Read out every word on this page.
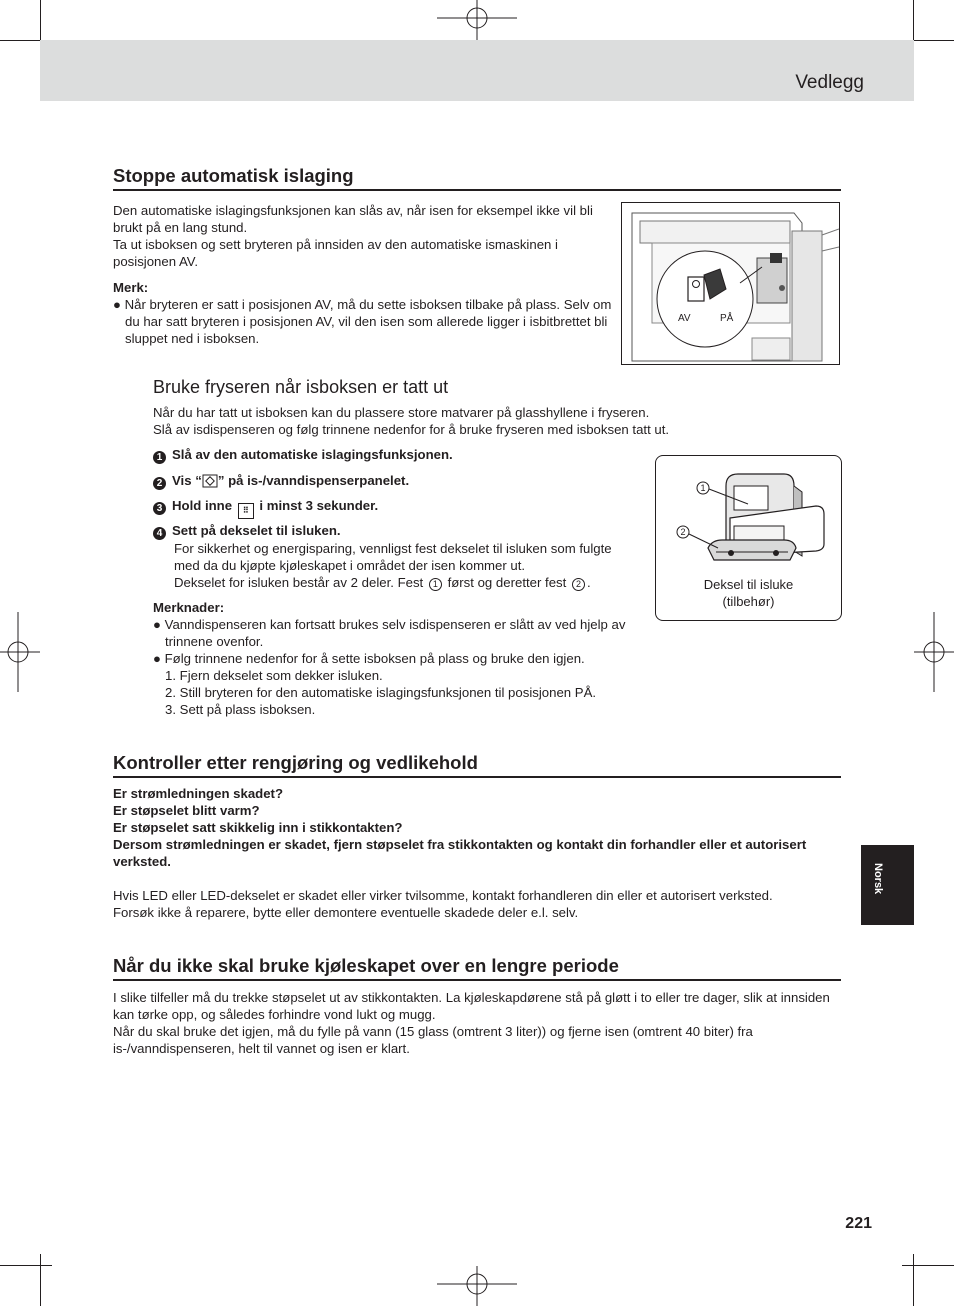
Vedlegg
Stoppe automatisk islaging
Den automatiske islagingsfunksjonen kan slås av, når isen for eksempel ikke vil bli brukt på en lang stund.
Ta ut isboksen og sett bryteren på innsiden av den automatiske ismaskinen i posisjonen AV.
Merk:
● Når bryteren er satt i posisjonen AV, må du sette isboksen tilbake på plass. Selv om du har satt bryteren i posisjonen AV, vil den isen som allerede ligger i isbitbrettet bli sluppet ned i isboksen.
AV	PÅ
Bruke fryseren når isboksen er tatt ut
Når du har tatt ut isboksen kan du plassere store matvarer på glasshyllene i fryseren.
Slå av isdispenseren og følg trinnene nedenfor for å bruke fryseren med isboksen tatt ut.
1 Slå av den automatiske islagingsfunksjonen.
2 Vis “ ” på is-/vanndispenserpanelet.
3 Hold inne ⠿ i minst 3 sekunder.
4 Sett på dekselet til isluken.
For sikkerhet og energisparing, vennligst fest dekselet til isluken som fulgte med da du kjøpte kjøleskapet i området der isen kommer ut.
Dekselet for isluken består av 2 deler. Fest 1 først og deretter fest 2 .
1
2
Deksel til isluke (tilbehør)
Merknader:
● Vanndispenseren kan fortsatt brukes selv isdispenseren er slått av ved hjelp av trinnene ovenfor.
● Følg trinnene nedenfor for å sette isboksen på plass og bruke den igjen.
1. Fjern dekselet som dekker isluken.
2. Still bryteren for den automatiske islagingsfunksjonen til posisjonen PÅ.
3. Sett på plass isboksen.
Kontroller etter rengjøring og vedlikehold
Er strømledningen skadet?
Er støpselet blitt varm?
Er støpselet satt skikkelig inn i stikkontakten?
Dersom strømledningen er skadet, fjern støpselet fra stikkontakten og kontakt din forhandler eller et autorisert verksted.
Hvis LED eller LED-dekselet er skadet eller virker tvilsomme, kontakt forhandleren din eller et autorisert verksted.
Forsøk ikke å reparere, bytte eller demontere eventuelle skadede deler e.l. selv.
Når du ikke skal bruke kjøleskapet over en lengre periode
I slike tilfeller må du trekke støpselet ut av stikkontakten. La kjøleskapdørene stå på gløtt i to eller tre dager, slik at innsiden kan tørke opp, og således forhindre vond lukt og mugg.
Når du skal bruke det igjen, må du fylle på vann (15 glass (omtrent 3 liter)) og fjerne isen (omtrent 40 biter) fra is-/vanndispenseren, helt til vannet og isen er klart.
Norsk
221
